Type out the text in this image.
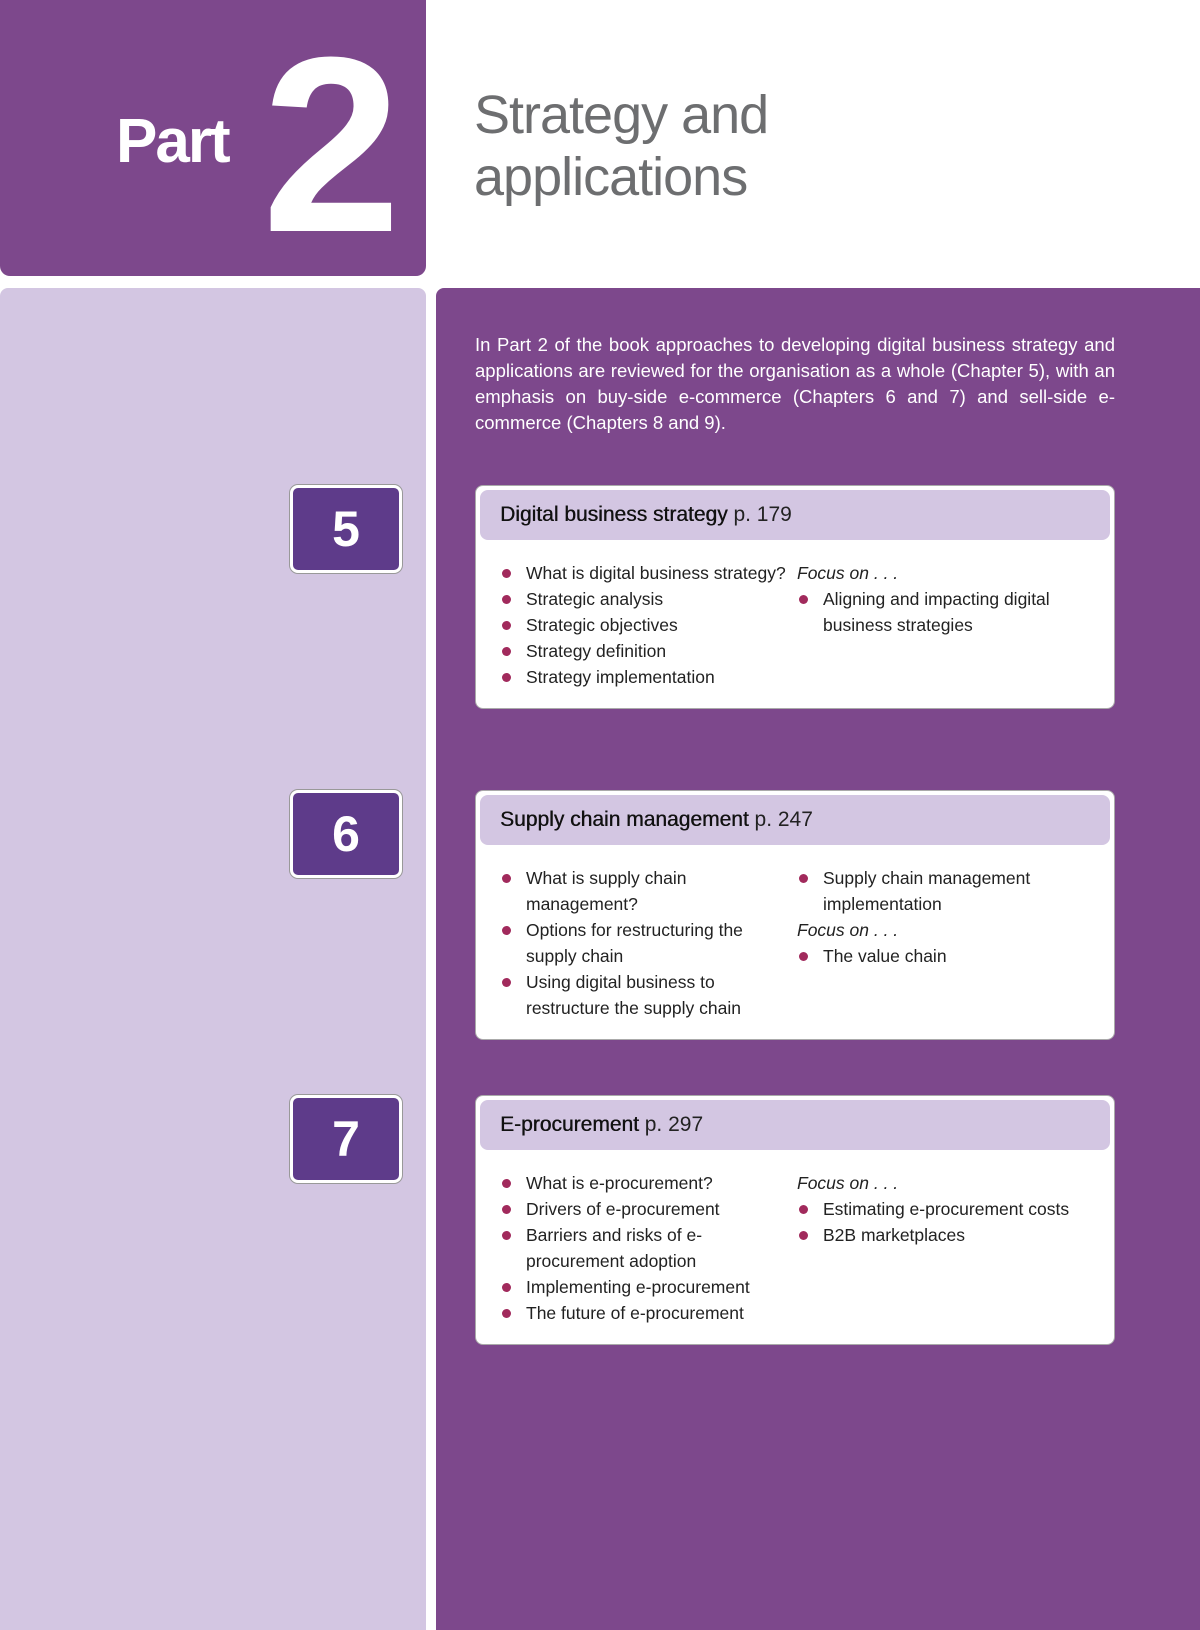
Part 2 Strategy and
applications
In Part 2 of the book approaches to developing digital business strategy and applications are reviewed for the organisation as a whole (Chapter 5), with an emphasis on buy-side e-commerce (Chapters 6 and 7) and sell-side e-commerce (Chapters 8 and 9).
5	Digital business strategy p. 179
What is digital business strategy?
Strategic analysis
Strategic objectives
Strategy definition
Strategy implementation
Focus on . . .
Aligning and impacting digital business strategies
6	Supply chain management p. 247
What is supply chain management?
Options for restructuring the supply chain
Using digital business to restructure the supply chain
Supply chain management implementation
Focus on . . .
The value chain
7	E-procurement p. 297
What is e-procurement?
Drivers of e-procurement
Barriers and risks of e-procurement adoption
Implementing e-procurement
The future of e-procurement
Focus on . . .
Estimating e-procurement costs
B2B marketplaces
